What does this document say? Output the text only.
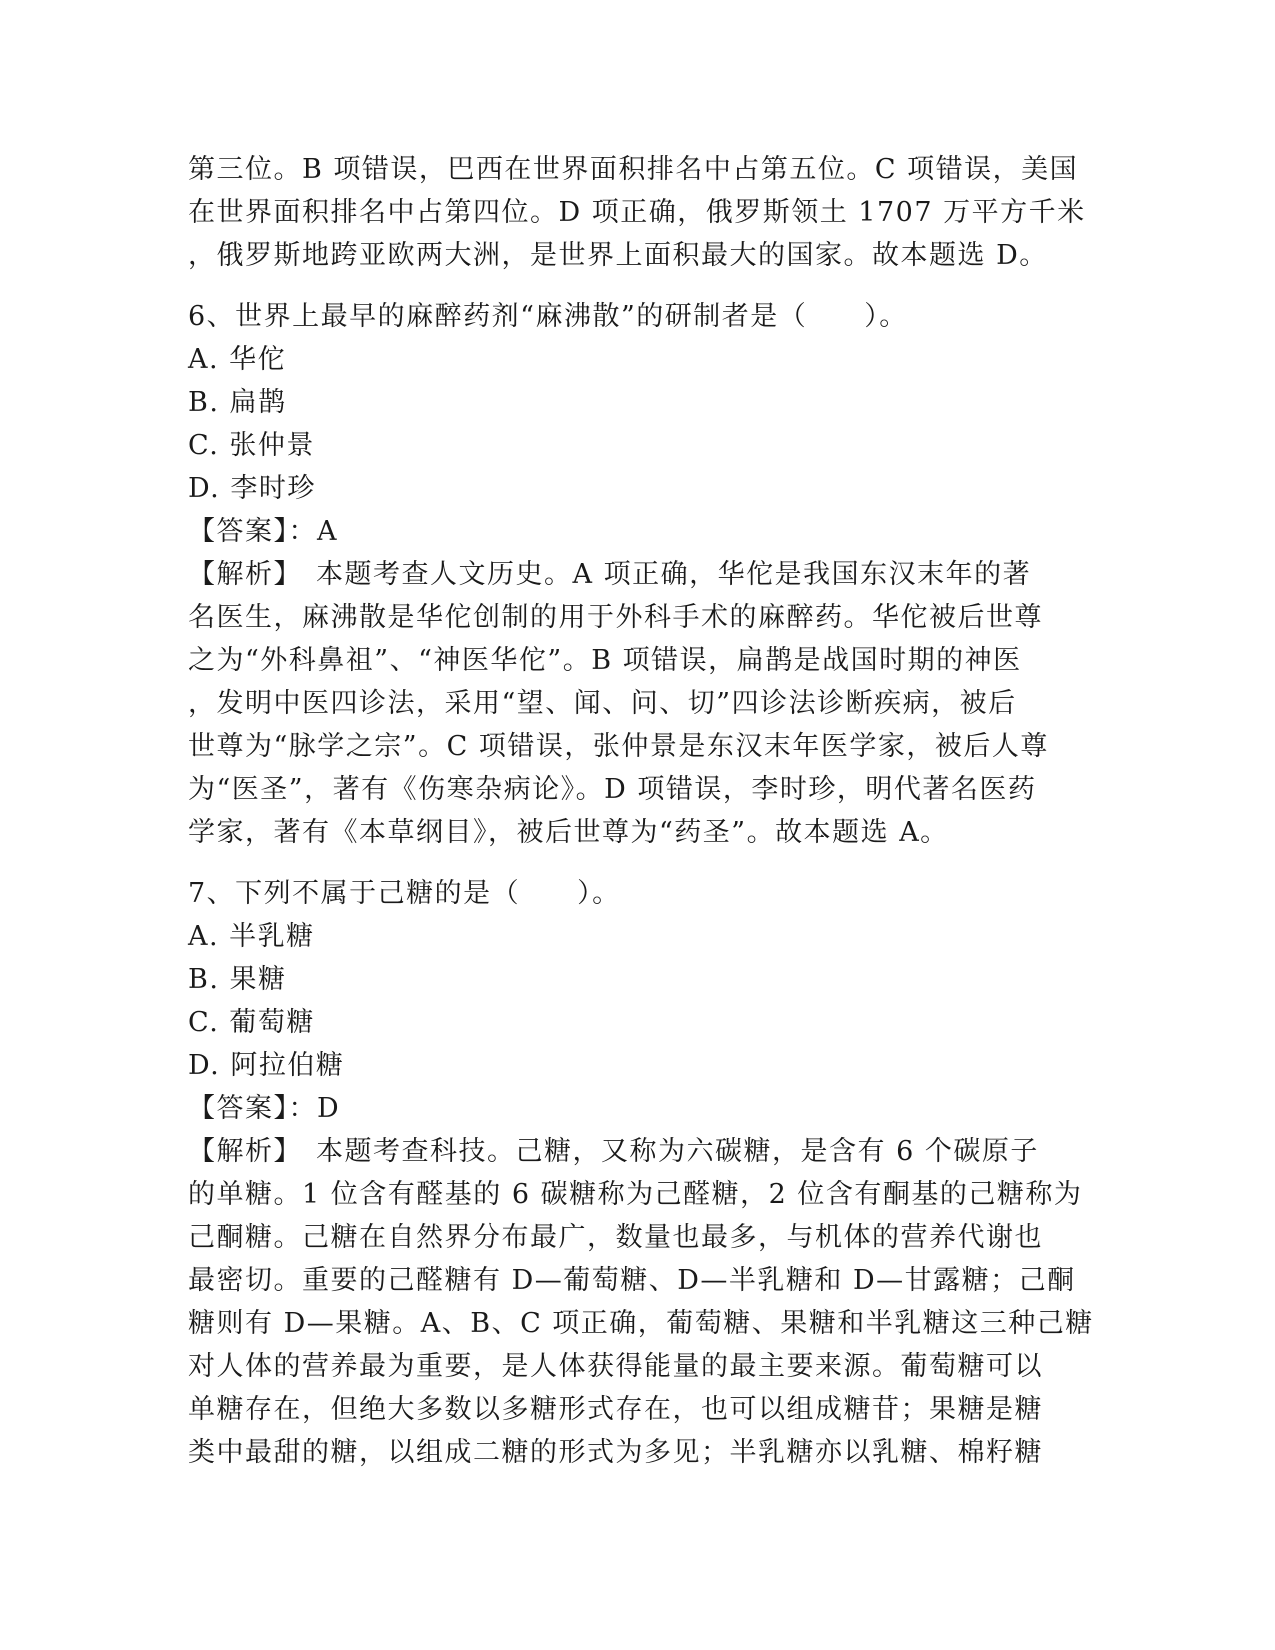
第三位。B 项错误，巴西在世界面积排名中占第五位。C 项错误，美国
在世界面积排名中占第四位。D 项正确，俄罗斯领土 1707 万平方千米
，俄罗斯地跨亚欧两大洲，是世界上面积最大的国家。故本题选 D。
6、世界上最早的麻醉药剂“麻沸散”的研制者是（　　）。
A. 华佗
B. 扁鹊
C. 张仲景
D. 李时珍
【答案】：A
【解析】 本题考查人文历史。A 项正确，华佗是我国东汉末年的著
名医生，麻沸散是华佗创制的用于外科手术的麻醉药。华佗被后世尊
之为“外科鼻祖”、“神医华佗”。B 项错误，扁鹊是战国时期的神医
，发明中医四诊法，采用“望、闻、问、切”四诊法诊断疾病，被后
世尊为“脉学之宗”。C 项错误，张仲景是东汉末年医学家，被后人尊
为“医圣”，著有《伤寒杂病论》。D 项错误，李时珍，明代著名医药
学家，著有《本草纲目》，被后世尊为“药圣”。故本题选 A。
7、下列不属于己糖的是（　　）。
A. 半乳糖
B. 果糖
C. 葡萄糖
D. 阿拉伯糖
【答案】：D
【解析】 本题考查科技。己糖，又称为六碳糖，是含有 6 个碳原子
的单糖。1 位含有醛基的 6 碳糖称为己醛糖，2 位含有酮基的己糖称为
己酮糖。己糖在自然界分布最广，数量也最多，与机体的营养代谢也
最密切。重要的己醛糖有 D—葡萄糖、D—半乳糖和 D—甘露糖；己酮
糖则有 D—果糖。A、B、C 项正确，葡萄糖、果糖和半乳糖这三种己糖
对人体的营养最为重要，是人体获得能量的最主要来源。葡萄糖可以
单糖存在，但绝大多数以多糖形式存在，也可以组成糖苷；果糖是糖
类中最甜的糖，以组成二糖的形式为多见；半乳糖亦以乳糖、棉籽糖
